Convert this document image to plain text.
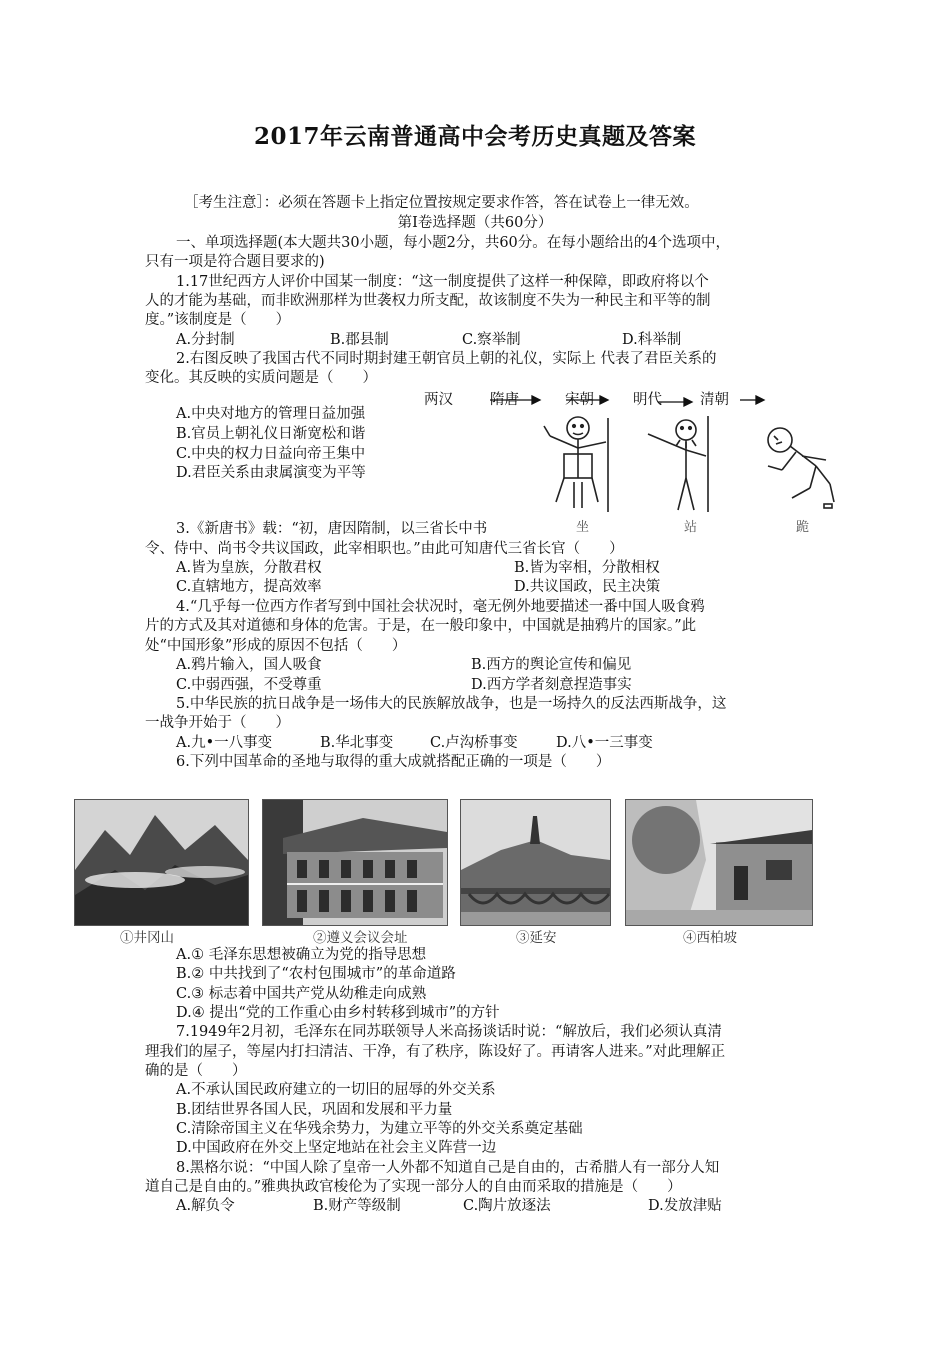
2017年云南普通高中会考历史真题及答案
［考生注意］：必须在答题卡上指定位置按规定要求作答，答在试卷上一律无效。
第Ⅰ卷选择题（共60分）
一、单项选择题(本大题共30小题，每小题2分，共60分。在每小题给出的4个选项中，
只有一项是符合题目要求的)
1.17世纪西方人评价中国某一制度：“这一制度提供了这样一种保障，即政府将以个
人的才能为基础，而非欧洲那样为世袭权力所支配，故该制度不失为一种民主和平等的制
度。”该制度是（　　）
A.分封制	B.郡县制	C.察举制	D.科举制
2.右图反映了我国古代不同时期封建王朝官员上朝的礼仪，实际上 代表了君臣关系的
变化。其反映的实质问题是（　　）
两汉	隋唐	宋朝	明代	清朝
坐	站	跪
A.中央对地方的管理日益加强
B.官员上朝礼仪日渐宽松和谐
C.中央的权力日益向帝王集中
D.君臣关系由隶属演变为平等
3.《新唐书》载：“初，唐因隋制，以三省长中书
令、侍中、尚书令共议国政，此宰相职也。”由此可知唐代三省长官（　　）
A.皆为皇族，分散君权	B.皆为宰相，分散相权
C.直辖地方，提高效率	D.共议国政，民主决策
4.“几乎每一位西方作者写到中国社会状况时，毫无例外地要描述一番中国人吸食鸦
片的方式及其对道德和身体的危害。于是，在一般印象中，中国就是抽鸦片的国家。”此
处“中国形象”形成的原因不包括（　　）
A.鸦片输入，国人吸食	B.西方的舆论宣传和偏见
C.中弱西强，不受尊重	D.西方学者刻意捏造事实
5.中华民族的抗日战争是一场伟大的民族解放战争，也是一场持久的反法西斯战争，这
一战争开始于（　　）
A.九•一八事变	B.华北事变	C.卢沟桥事变	D.八•一三事变
6.下列中国革命的圣地与取得的重大成就搭配正确的一项是（　　）
①井冈山	②遵义会议会址	③延安	④西柏坡
A.① 毛泽东思想被确立为党的指导思想
B.② 中共找到了“农村包围城市”的革命道路
C.③ 标志着中国共产党从幼稚走向成熟
D.④ 提出“党的工作重心由乡村转移到城市”的方针
7.1949年2月初，毛泽东在同苏联领导人米高扬谈话时说：“解放后，我们必须认真清
理我们的屋子，等屋内打扫清洁、干净，有了秩序，陈设好了。再请客人进来。”对此理解正
确的是（　　）
A.不承认国民政府建立的一切旧的屈辱的外交关系
B.团结世界各国人民，巩固和发展和平力量
C.清除帝国主义在华残余势力，为建立平等的外交关系奠定基础
D.中国政府在外交上坚定地站在社会主义阵营一边
8.黑格尔说：“中国人除了皇帝一人外都不知道自己是自由的，古希腊人有一部分人知
道自己是自由的。”雅典执政官梭伦为了实现一部分人的自由而采取的措施是（　　）
A.解负令	B.财产等级制	C.陶片放逐法	D.发放津贴
